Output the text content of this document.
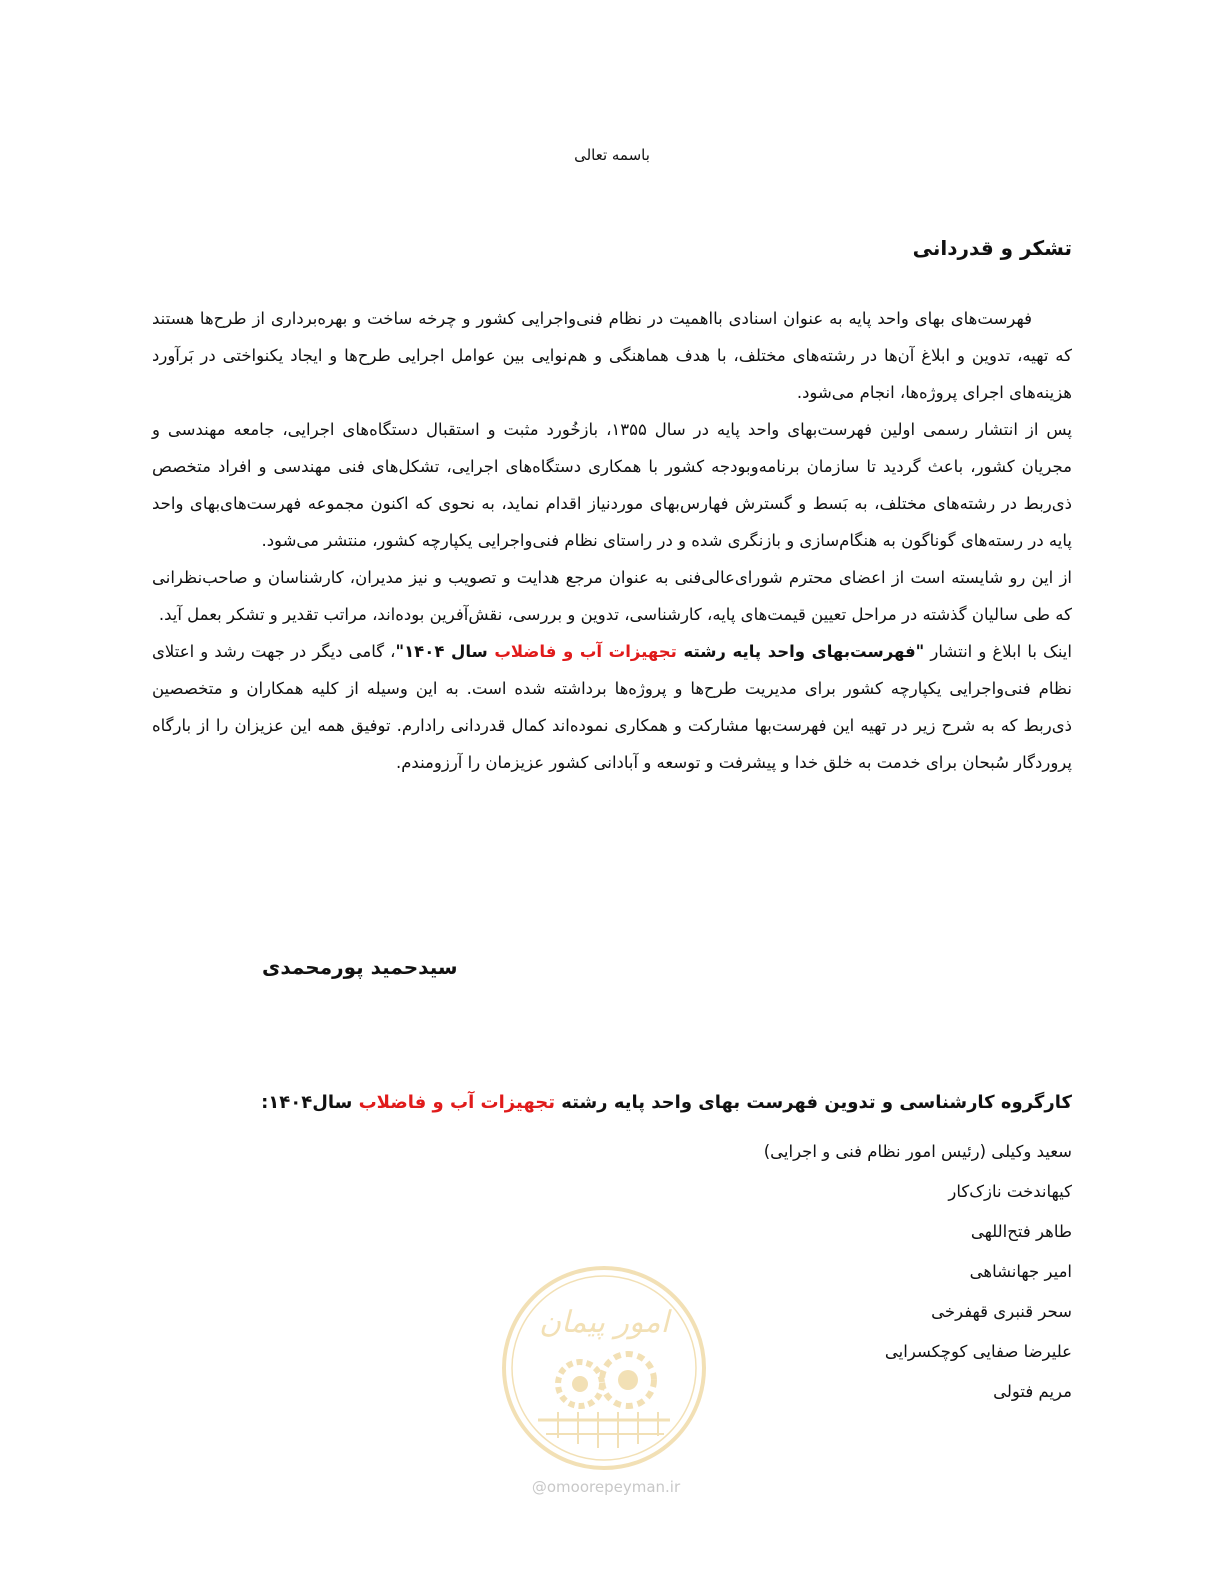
باسمه تعالی
تشکر و قدردانی

فهرست‌های بهای واحد پایه به عنوان اسنادی بااهمیت در نظام فنی‌واجرایی کشور و چرخه ساخت و بهره‌برداری از طرح‌ها هستند که تهیه، تدوین و ابلاغ آن‌ها در رشته‌های مختلف، با هدف هماهنگی و هم‌نوایی بین عوامل اجرایی طرح‌ها و ایجاد یکنواختی در بَرآورد هزینه‌های اجرای پروژه‌ها، انجام می‌شود.

پس از انتشار رسمی اولین فهرست‌بهای واحد پایه در سال ۱۳۵۵، بازخُورد مثبت و استقبال دستگاه‌های اجرایی، جامعه مهندسی و مجریان کشور، باعث گردید تا سازمان برنامه‌وبودجه کشور با همکاری دستگاه‌های اجرایی، تشکل‌های فنی مهندسی و افراد متخصص ذی‌ربط در رشته‌های مختلف، به بَسط و گسترش فهارس‌بهای موردنیاز اقدام نماید، به نحوی که اکنون مجموعه فهرست‌های‌بهای واحد پایه در رسته‌های گوناگون به هنگام‌سازی و بازنگری شده و در راستای نظام فنی‌واجرایی یکپارچه کشور، منتشر می‌شود.

از این رو شایسته است از اعضای محترم شورای‌عالی‌فنی به عنوان مرجع هدایت و تصویب و نیز مدیران، کارشناسان و صاحب‌نظرانی که طی سالیان گذشته در مراحل تعیین قیمت‌های پایه، کارشناسی، تدوین و بررسی، نقش‌آفرین بوده‌اند، مراتب تقدیر و تشکر بعمل آید.

اینک با ابلاغ و انتشار "فهرست‌بهای واحد پایه رشته تجهیزات آب و فاضلاب سال ۱۴۰۴"، گامی دیگر در جهت رشد و اعتلای نظام فنی‌واجرایی یکپارچه کشور برای مدیریت طرح‌ها و پروژه‌ها برداشته شده است. به این وسیله از کلیه همکاران و متخصصین ذی‌ربط که به شرح زیر در تهیه این فهرست‌بها مشارکت و همکاری نموده‌اند کمال قدردانی رادارم. توفیق همه این عزیزان را از بارگاه پروردگار سُبحان برای خدمت به خلق خدا و پیشرفت و توسعه و آبادانی کشور عزیزمان را آرزومندم.

سیدحمید پورمحمدی
کارگروه کارشناسی و تدوین فهرست بهای واحد پایه رشته تجهیزات آب و فاضلاب سال۱۴۰۴:
سعید وکیلی (رئیس امور نظام فنی و اجرایی)
کیهاندخت نازک‌کار
طاهر فتح‌اللهی
امیر جهانشاهی
سحر قنبری قهفرخی
علیرضا صفایی کوچکسرایی
مریم فتولی
امور پیمان
@omoorepeyman.ir
